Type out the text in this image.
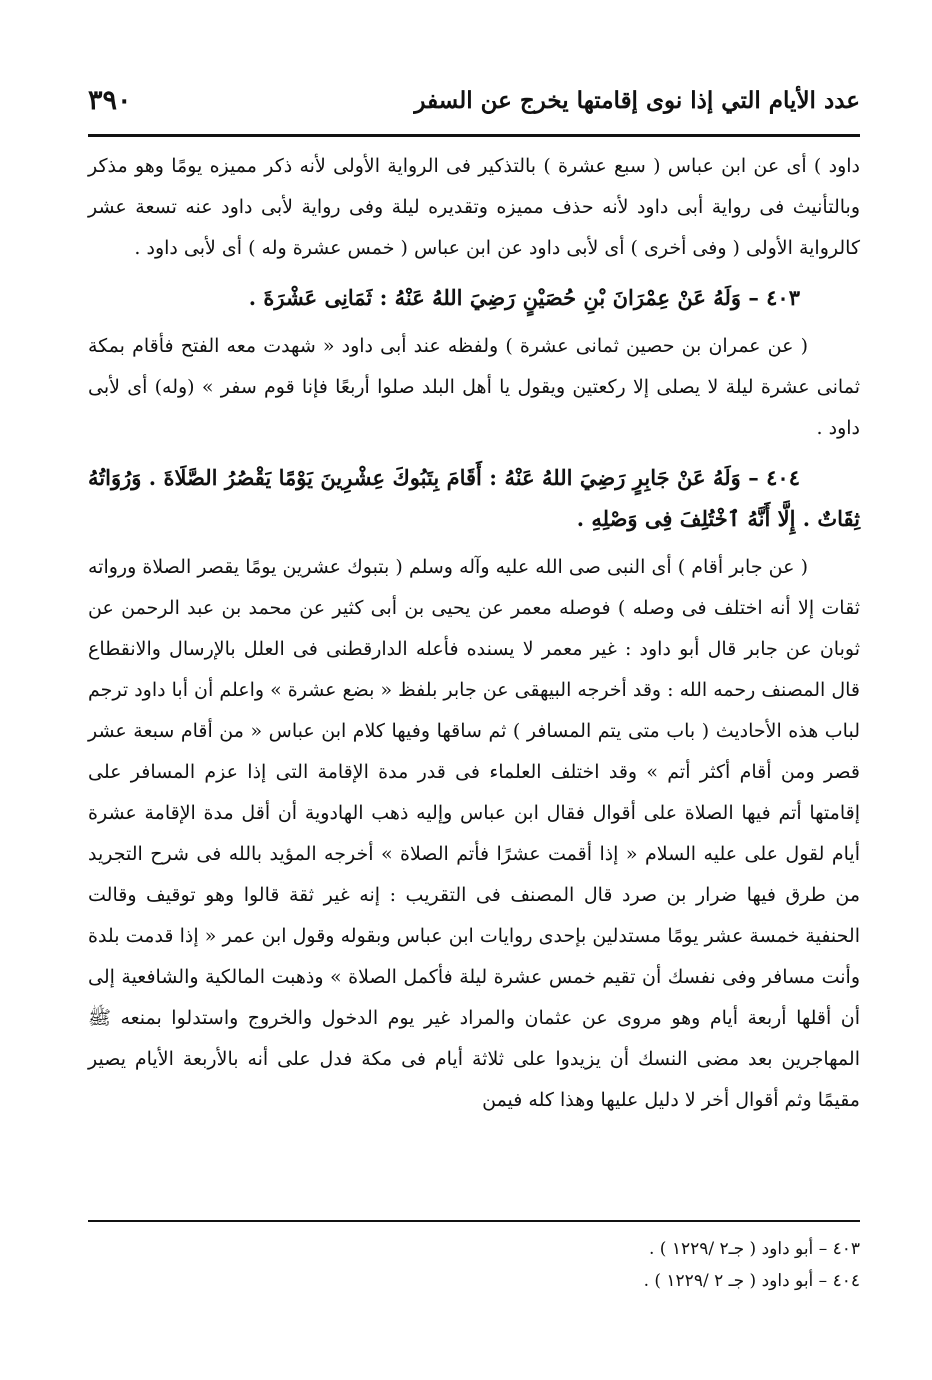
٣٩٠	عدد الأيام التي إذا نوى إقامتها يخرج عن السفر

داود ) أى عن ابن عباس ( سبع عشرة ) بالتذكير فى الرواية الأولى لأنه ذكر مميزه يومًا وهو مذكر وبالتأنيث فى رواية أبى داود لأنه حذف مميزه وتقديره ليلة وفى رواية لأبى داود عنه تسعة عشر كالرواية الأولى ( وفى أخرى ) أى لأبى داود عن ابن عباس ( خمس عشرة وله ) أى لأبى داود .

٤٠٣ – وَلَهُ عَنْ عِمْرَانَ بْنِ حُصَيْنٍ رَضِيَ اللهُ عَنْهُ : ثَمَانِى عَشْرَةَ .

( عن عمران بن حصين ثمانى عشرة ) ولفظه عند أبى داود « شهدت معه الفتح فأقام بمكة ثمانى عشرة ليلة لا يصلى إلا ركعتين ويقول يا أهل البلد صلوا أربعًا فإنا قوم سفر » (وله) أى لأبى داود .

٤٠٤ – وَلَهُ عَنْ جَابِرٍ رَضِيَ اللهُ عَنْهُ : أَقَامَ بِتَبُوكَ عِشْرِينَ يَوْمًا يَقْصُرُ الصَّلَاةَ . وَرُوَاتُهُ ثِقَاتٌ . إِلَّا أَنَّهُ ٱخْتُلِفَ فِى وَصْلِهِ .

( عن جابر أقام ) أى النبى صى الله عليه وآله وسلم ( بتبوك عشرين يومًا يقصر الصلاة ورواته ثقات إلا أنه اختلف فى وصله ) فوصله معمر عن يحيى بن أبى كثير عن محمد بن عبد الرحمن عن ثوبان عن جابر قال أبو داود : غير معمر لا يسنده فأعله الدارقطنى فى العلل بالإرسال والانقطاع قال المصنف رحمه الله : وقد أخرجه البيهقى عن جابر بلفظ « بضع عشرة » واعلم أن أبا داود ترجم لباب هذه الأحاديث ( باب متى يتم المسافر ) ثم ساقها وفيها كلام ابن عباس « من أقام سبعة عشر قصر ومن أقام أكثر أتم » وقد اختلف العلماء فى قدر مدة الإقامة التى إذا عزم المسافر على إقامتها أتم فيها الصلاة على أقوال فقال ابن عباس وإليه ذهب الهادوية أن أقل مدة الإقامة عشرة أيام لقول على عليه السلام « إذا أقمت عشرًا فأتم الصلاة » أخرجه المؤيد بالله فى شرح التجريد من طرق فيها ضرار بن صرد قال المصنف فى التقريب : إنه غير ثقة قالوا وهو توقيف وقالت الحنفية خمسة عشر يومًا مستدلين بإحدى روايات ابن عباس وبقوله وقول ابن عمر « إذا قدمت بلدة وأنت مسافر وفى نفسك أن تقيم خمس عشرة ليلة فأكمل الصلاة » وذهبت المالكية والشافعية إلى أن أقلها أربعة أيام وهو مروى عن عثمان والمراد غير يوم الدخول والخروج واستدلوا بمنعه ﷺ المهاجرين بعد مضى النسك أن يزيدوا على ثلاثة أيام فى مكة فدل على أنه بالأربعة الأيام يصير مقيمًا وثم أقوال أخر لا دليل عليها وهذا كله فيمن

٤٠٣ – أبو داود ( جـ٢ /١٢٢٩ ) .
٤٠٤ – أبو داود ( جـ ٢ /١٢٢٩ ) .
